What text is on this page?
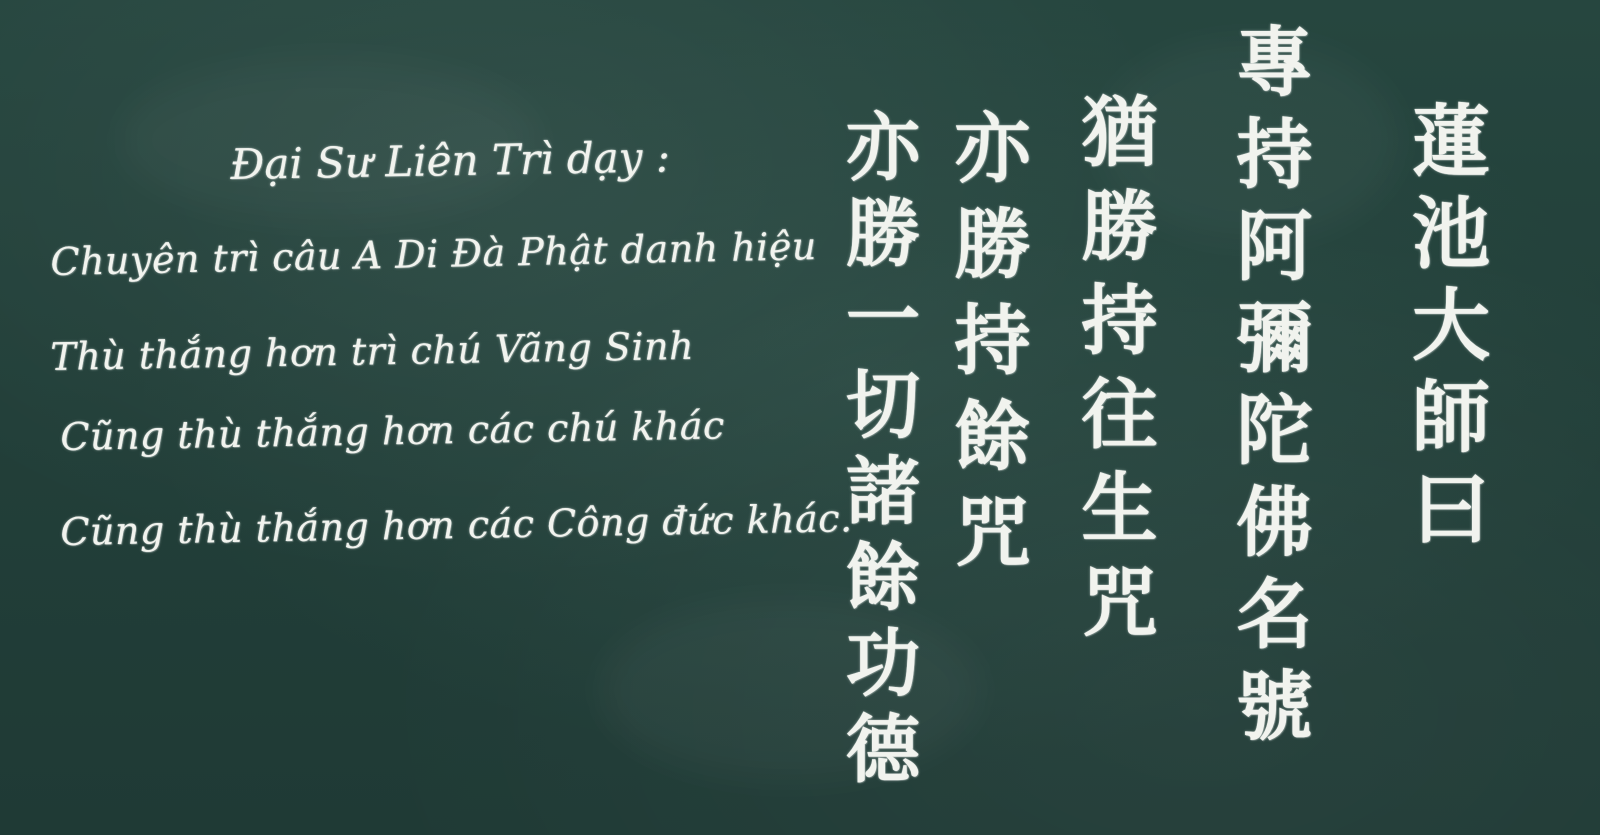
Đại Sư Liên Trì dạy :
Chuyên trì câu A Di Đà Phật danh hiệu
Thù thắng hơn trì chú Vãng Sinh
Cũng thù thắng hơn các chú khác
Cũng thù thắng hơn các Công đức khác.	蓮池大師曰
專持阿彌陀佛名號
猶勝持往生咒
亦勝持餘咒
亦勝一切諸餘功德
